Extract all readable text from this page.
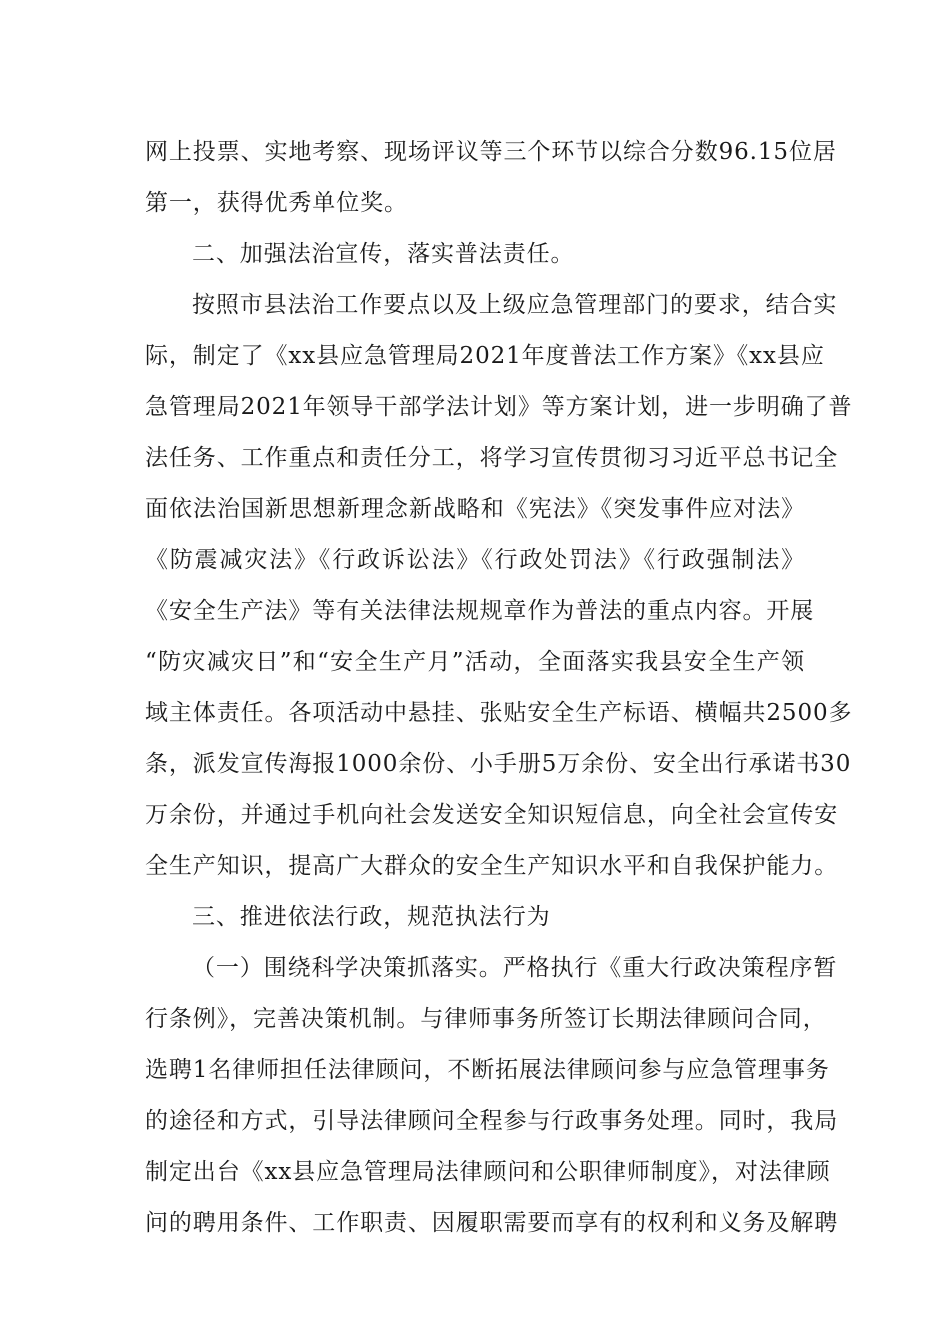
网上投票、实地考察、现场评议等三个环节以综合分数96.15位居
第一，获得优秀单位奖。
二、加强法治宣传，落实普法责任。
按照市县法治工作要点以及上级应急管理部门的要求，结合实
际，制定了《xx县应急管理局2021年度普法工作方案》《xx县应
急管理局2021年领导干部学法计划》等方案计划，进一步明确了普
法任务、工作重点和责任分工，将学习宣传贯彻习习近平总书记全
面依法治国新思想新理念新战略和《宪法》《突发事件应对法》
《防震减灾法》《行政诉讼法》《行政处罚法》《行政强制法》
《安全生产法》等有关法律法规规章作为普法的重点内容。开展
“防灾减灾日”和“安全生产月”活动，全面落实我县安全生产领
域主体责任。各项活动中悬挂、张贴安全生产标语、横幅共2500多
条，派发宣传海报1000余份、小手册5万余份、安全出行承诺书30
万余份，并通过手机向社会发送安全知识短信息，向全社会宣传安
全生产知识，提高广大群众的安全生产知识水平和自我保护能力。
三、推进依法行政，规范执法行为
（一）围绕科学决策抓落实。严格执行《重大行政决策程序暂
行条例》，完善决策机制。与律师事务所签订长期法律顾问合同，
选聘1名律师担任法律顾问，不断拓展法律顾问参与应急管理事务
的途径和方式，引导法律顾问全程参与行政事务处理。同时，我局
制定出台《xx县应急管理局法律顾问和公职律师制度》，对法律顾
问的聘用条件、工作职责、因履职需要而享有的权利和义务及解聘
